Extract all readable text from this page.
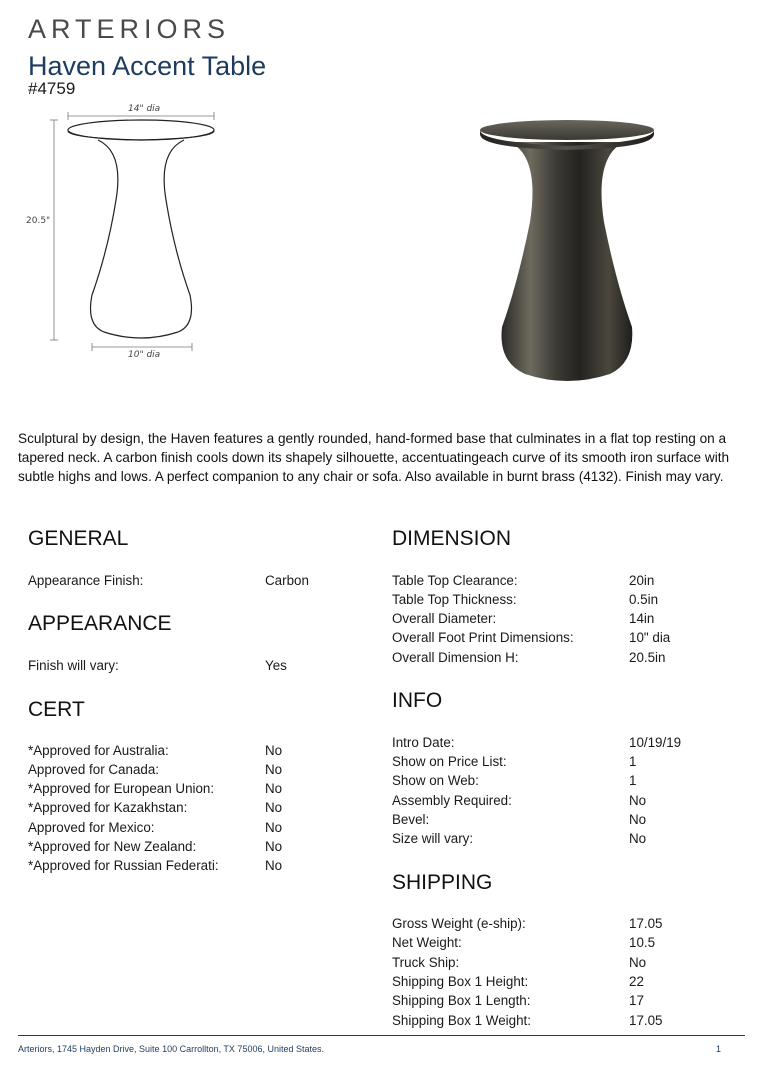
ARTERIORS
Haven Accent Table
#4759
14" dia
20.5"
10" dia

Sculptural by design, the Haven features a gently rounded, hand-formed base that culminates in a flat top resting on a tapered neck. A carbon finish cools down its shapely silhouette, accentuatingeach curve of its smooth iron surface with subtle highs and lows. A perfect companion to any chair or sofa. Also available in burnt brass (4132). Finish may vary.

GENERAL
Appearance Finish:	Carbon
APPEARANCE
Finish will vary:	Yes
CERT
*Approved for Australia:	No
Approved for Canada:	No
*Approved for European Union:	No
*Approved for Kazakhstan:	No
Approved for Mexico:	No
*Approved for New Zealand:	No
*Approved for Russian Federati:	No
DIMENSION
Table Top Clearance:	20in
Table Top Thickness:	0.5in
Overall Diameter:	14in
Overall Foot Print Dimensions:	10" dia
Overall Dimension H:	20.5in
INFO
Intro Date:	10/19/19
Show on Price List:	1
Show on Web:	1
Assembly Required:	No
Bevel:	No
Size will vary:	No
SHIPPING
Gross Weight (e-ship):	17.05
Net Weight:	10.5
Truck Ship:	No
Shipping Box 1 Height:	22
Shipping Box 1 Length:	17
Shipping Box 1 Weight:	17.05
Arteriors, 1745 Hayden Drive, Suite 100 Carrollton, TX 75006, United States.	1
